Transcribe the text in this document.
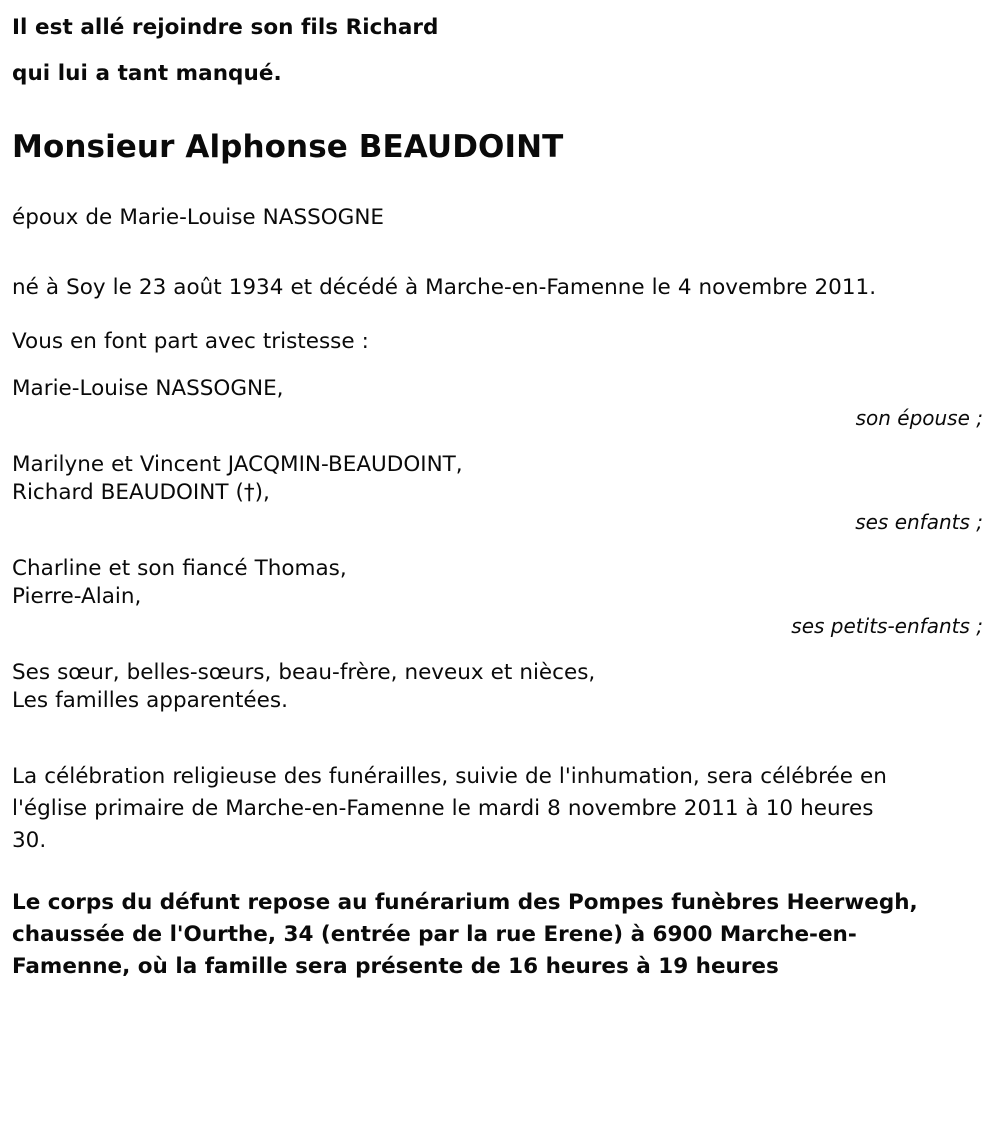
Il est allé rejoindre son fils Richard
qui lui a tant manqué.
Monsieur Alphonse BEAUDOINT
époux de Marie-Louise NASSOGNE
né à Soy le 23 août 1934 et décédé à Marche-en-Famenne le 4 novembre 2011.
Vous en font part avec tristesse :
Marie-Louise NASSOGNE,
son épouse ;
Marilyne et Vincent JACQMIN-BEAUDOINT,
Richard BEAUDOINT (†),
ses enfants ;
Charline et son fiancé Thomas,
Pierre-Alain,
ses petits-enfants ;
Ses sœur, belles-sœurs, beau-frère, neveux et nièces,
Les familles apparentées.
La célébration religieuse des funérailles, suivie de l'inhumation, sera célébrée en l'église primaire de Marche-en-Famenne le mardi 8 novembre 2011 à 10 heures 30.
Le corps du défunt repose au funérarium des Pompes funèbres Heerwegh, chaussée de l'Ourthe, 34 (entrée par la rue Erene) à 6900 Marche-en-Famenne, où la famille sera présente de 16 heures à 19 heures
